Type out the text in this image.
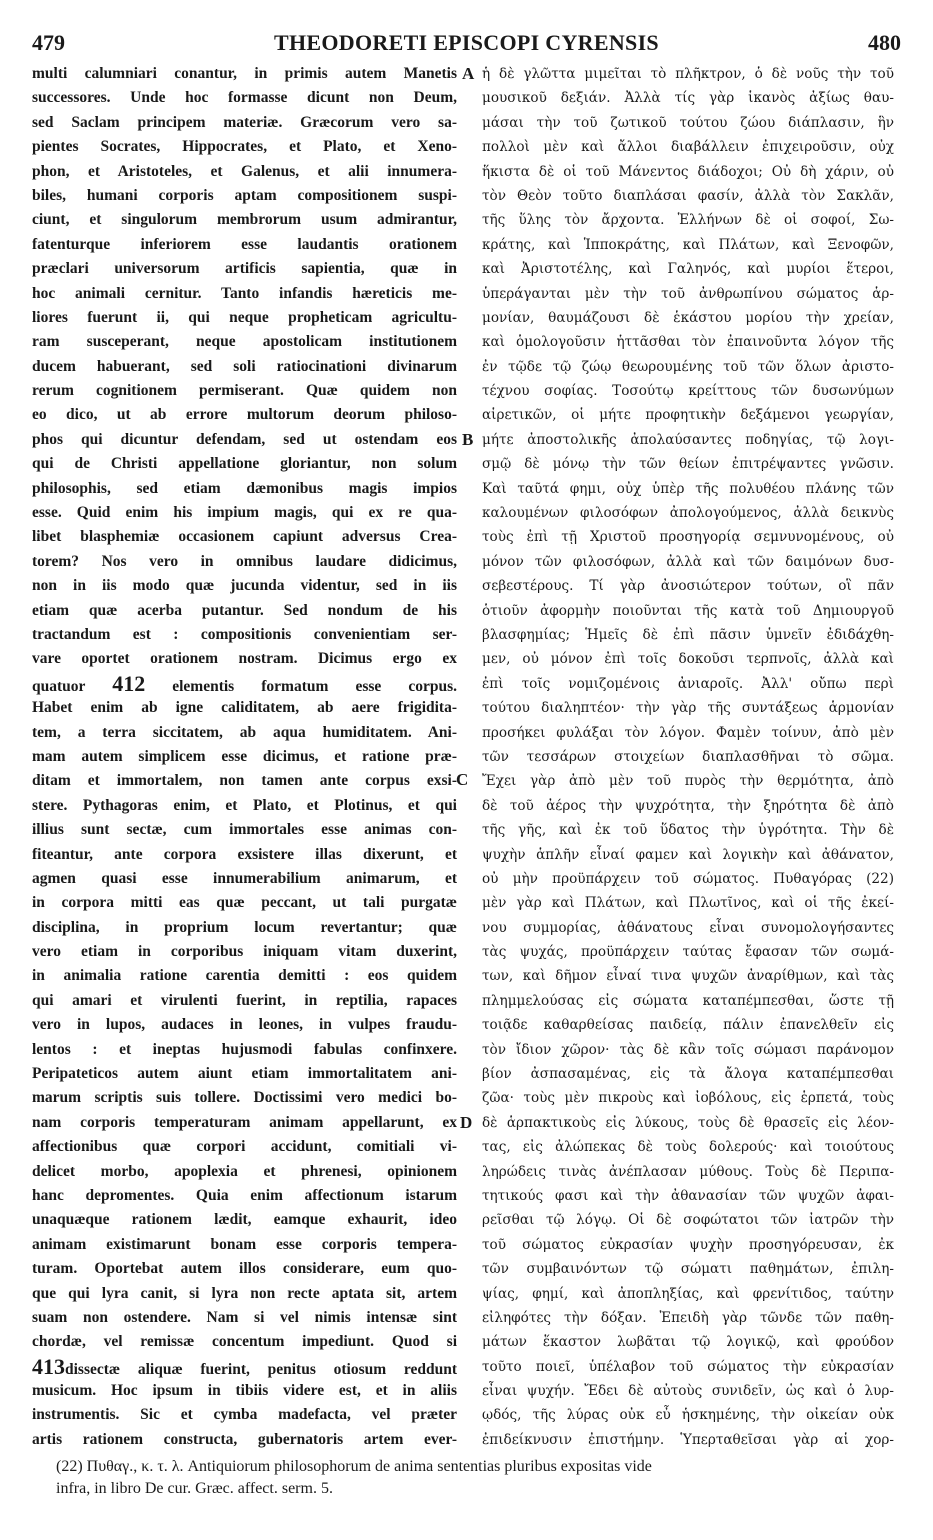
479	THEODORETI EPISCOPI CYRENSIS	480
A
B
C
D
multi calumniari conantur, in primis autem Manetis
successores. Unde hoc formasse dicunt non Deum,
sed Saclam principem materiæ. Græcorum vero sa-
pientes Socrates, Hippocrates, et Plato, et Xeno-
phon, et Aristoteles, et Galenus, et alii innumera-
biles, humani corporis aptam compositionem suspi-
ciunt, et singulorum membrorum usum admirantur,
fatenturque inferiorem esse laudantis orationem
præclari universorum artificis sapientia, quæ in
hoc animali cernitur. Tanto infandis hæreticis me-
liores fuerunt ii, qui neque propheticam agricultu-
ram susceperant, neque apostolicam institutionem
ducem habuerant, sed soli ratiocinationi divinarum
rerum cognitionem permiserant. Quæ quidem non
eo dico, ut ab errore multorum deorum philoso-
phos qui dicuntur defendam, sed ut ostendam eos
qui de Christi appellatione gloriantur, non solum
philosophis, sed etiam dæmonibus magis impios
esse. Quid enim his impium magis, qui ex re qua-
libet blasphemiæ occasionem capiunt adversus Crea-
torem? Nos vero in omnibus laudare didicimus,
non in iis modo quæ jucunda videntur, sed in iis
etiam quæ acerba putantur. Sed nondum de his
tractandum est : compositionis convenientiam ser-
vare oportet orationem nostram. Dicimus ergo ex
quatuor 412 elementis formatum esse corpus.
Habet enim ab igne caliditatem, ab aere frigidita-
tem, a terra siccitatem, ab aqua humiditatem. Ani-
mam autem simplicem esse dicimus, et ratione præ-
ditam et immortalem, non tamen ante corpus exsi-
stere. Pythagoras enim, et Plato, et Plotinus, et qui
illius sunt sectæ, cum immortales esse animas con-
fiteantur, ante corpora exsistere illas dixerunt, et
agmen quasi esse innumerabilium animarum, et
in corpora mitti eas quæ peccant, ut tali purgatæ
disciplina, in proprium locum revertantur; quæ
vero etiam in corporibus iniquam vitam duxerint,
in animalia ratione carentia demitti : eos quidem
qui amari et virulenti fuerint, in reptilia, rapaces
vero in lupos, audaces in leones, in vulpes fraudu-
lentos : et ineptas hujusmodi fabulas confinxere.
Peripateticos autem aiunt etiam immortalitatem ani-
marum scriptis suis tollere. Doctissimi vero medici bo-
nam corporis temperaturam animam appellarunt, ex
affectionibus quæ corpori accidunt, comitiali vi-
delicet morbo, apoplexia et phrenesi, opinionem
hanc depromentes. Quia enim affectionum istarum
unaquæque rationem lædit, eamque exhaurit, ideo
animam existimarunt bonam esse corporis tempera-
turam. Oportebat autem illos considerare, eum quo-
que qui lyra canit, si lyra non recte aptata sit, artem
suam non ostendere. Nam si vel nimis intensæ sint
chordæ, vel remissæ concentum impediunt. Quod si
413dissectæ aliquæ fuerint, penitus otiosum reddunt
musicum. Hoc ipsum in tibiis videre est, et in aliis
instrumentis. Sic et cymba madefacta, vel præter
artis rationem constructa, gubernatoris artem ever-
ἡ δὲ γλῶττα μιμεῖται τὸ πλῆκτρον, ὁ δὲ νοῦς τὴν τοῦ
μουσικοῦ δεξιάν. Ἀλλὰ τίς γὰρ ἱκανὸς ἀξίως θαυ-
μάσαι τὴν τοῦ ζωτικοῦ τούτου ζώου διάπλασιν, ἣν
πολλοὶ μὲν καὶ ἄλλοι διαβάλλειν ἐπιχειροῦσιν, οὐχ
ἥκιστα δὲ οἱ τοῦ Μάνεντος διάδοχοι; Οὐ δὴ χάριν, οὐ
τὸν Θεὸν τοῦτο διαπλάσαι φασίν, ἀλλὰ τὸν Σακλᾶν,
τῆς ὕλης τὸν ἄρχοντα. Ἑλλήνων δὲ οἱ σοφοί, Σω-
κράτης, καὶ Ἱπποκράτης, καὶ Πλάτων, καὶ Ξενοφῶν,
καὶ Ἀριστοτέλης, καὶ Γαληνός, καὶ μυρίοι ἕτεροι,
ὑπεράγανται μὲν τὴν τοῦ ἀνθρωπίνου σώματος ἁρ-
μονίαν, θαυμάζουσι δὲ ἑκάστου μορίου τὴν χρείαν,
καὶ ὁμολογοῦσιν ἡττᾶσθαι τὸν ἐπαινοῦντα λόγον τῆς
ἐν τῷδε τῷ ζώῳ θεωρουμένης τοῦ τῶν ὅλων ἀριστο-
τέχνου σοφίας. Τοσούτῳ κρείττους τῶν δυσωνύμων
αἱρετικῶν, οἱ μήτε προφητικὴν δεξάμενοι γεωργίαν,
μήτε ἀποστολικῆς ἀπολαύσαντες ποδηγίας, τῷ λογι-
σμῷ δὲ μόνῳ τὴν τῶν θείων ἐπιτρέψαντες γνῶσιν.
Καὶ ταῦτά φημι, οὐχ ὑπὲρ τῆς πολυθέου πλάνης τῶν
καλουμένων φιλοσόφων ἀπολογούμενος, ἀλλὰ δεικνὺς
τοὺς ἐπὶ τῇ Χριστοῦ προσηγορίᾳ σεμνυνομένους, οὐ
μόνον τῶν φιλοσόφων, ἀλλὰ καὶ τῶν δαιμόνων δυσ-
σεβεστέρους. Τί γὰρ ἀνοσιώτερον τούτων, οἳ πᾶν
ὁτιοῦν ἀφορμὴν ποιοῦνται τῆς κατὰ τοῦ Δημιουργοῦ
βλασφημίας; Ἡμεῖς δὲ ἐπὶ πᾶσιν ὑμνεῖν ἐδιδάχθη-
μεν, οὐ μόνον ἐπὶ τοῖς δοκοῦσι τερπνοῖς, ἀλλὰ καὶ
ἐπὶ τοῖς νομιζομένοις ἀνιαροῖς. Ἀλλ' οὔπω περὶ
τούτου διαληπτέον· τὴν γὰρ τῆς συντάξεως ἁρμονίαν
προσήκει φυλάξαι τὸν λόγον. Φαμὲν τοίνυν, ἀπὸ μὲν
τῶν τεσσάρων στοιχείων διαπλασθῆναι τὸ σῶμα.
Ἔχει γὰρ ἀπὸ μὲν τοῦ πυρὸς τὴν θερμότητα, ἀπὸ
δὲ τοῦ ἀέρος τὴν ψυχρότητα, τὴν ξηρότητα δὲ ἀπὸ
τῆς γῆς, καὶ ἐκ τοῦ ὕδατος τὴν ὑγρότητα. Τὴν δὲ
ψυχὴν ἁπλῆν εἶναί φαμεν καὶ λογικὴν καὶ ἀθάνατον,
οὐ μὴν προϋπάρχειν τοῦ σώματος. Πυθαγόρας (22)
μὲν γὰρ καὶ Πλάτων, καὶ Πλωτῖνος, καὶ οἱ τῆς ἐκεί-
νου συμμορίας, ἀθάνατους εἶναι συνομολογήσαντες
τὰς ψυχάς, προϋπάρχειν ταύτας ἔφασαν τῶν σωμά-
των, καὶ δῆμον εἶναί τινα ψυχῶν ἀναρίθμων, καὶ τὰς
πλημμελούσας εἰς σώματα καταπέμπεσθαι, ὥστε τῇ
τοιᾷδε καθαρθείσας παιδείᾳ, πάλιν ἐπανελθεῖν εἰς
τὸν ἴδιον χῶρον· τὰς δὲ κἂν τοῖς σώμασι παράνομον
βίον ἀσπασαμένας, εἰς τὰ ἄλογα καταπέμπεσθαι
ζῶα· τοὺς μὲν πικροὺς καὶ ἰοβόλους, εἰς ἑρπετά, τοὺς
δὲ ἁρπακτικοὺς εἰς λύκους, τοὺς δὲ θρασεῖς εἰς λέον-
τας, εἰς ἀλώπεκας δὲ τοὺς δολερούς· καὶ τοιούτους
ληρώδεις τινὰς ἀνέπλασαν μύθους. Τοὺς δὲ Περιπα-
τητικούς φασι καὶ τὴν ἀθανασίαν τῶν ψυχῶν ἀφαι-
ρεῖσθαι τῷ λόγῳ. Οἱ δὲ σοφώτατοι τῶν ἰατρῶν τὴν
τοῦ σώματος εὐκρασίαν ψυχὴν προσηγόρευσαν, ἐκ
τῶν συμβαινόντων τῷ σώματι παθημάτων, ἐπιλη-
ψίας, φημί, καὶ ἀποπληξίας, καὶ φρενίτιδος, ταύτην
εἰληφότες τὴν δόξαν. Ἐπειδὴ γὰρ τῶνδε τῶν παθη-
μάτων ἕκαστον λωβᾶται τῷ λογικῷ, καὶ φρούδον
τοῦτο ποιεῖ, ὑπέλαβον τοῦ σώματος τὴν εὐκρασίαν
εἶναι ψυχήν. Ἔδει δὲ αὐτοὺς συνιδεῖν, ὡς καὶ ὁ λυρ-
ῳδός, τῆς λύρας οὐκ εὖ ἡσκημένης, τὴν οἰκείαν οὐκ
ἐπιδείκνυσιν ἐπιστήμην. Ὑπερταθεῖσαι γὰρ αἱ χορ-
(22) Πυθαγ., κ. τ. λ. Antiquiorum philosophorum de anima sententias pluribus expositas vide
infra, in libro De cur. Græc. affect. serm. 5.
